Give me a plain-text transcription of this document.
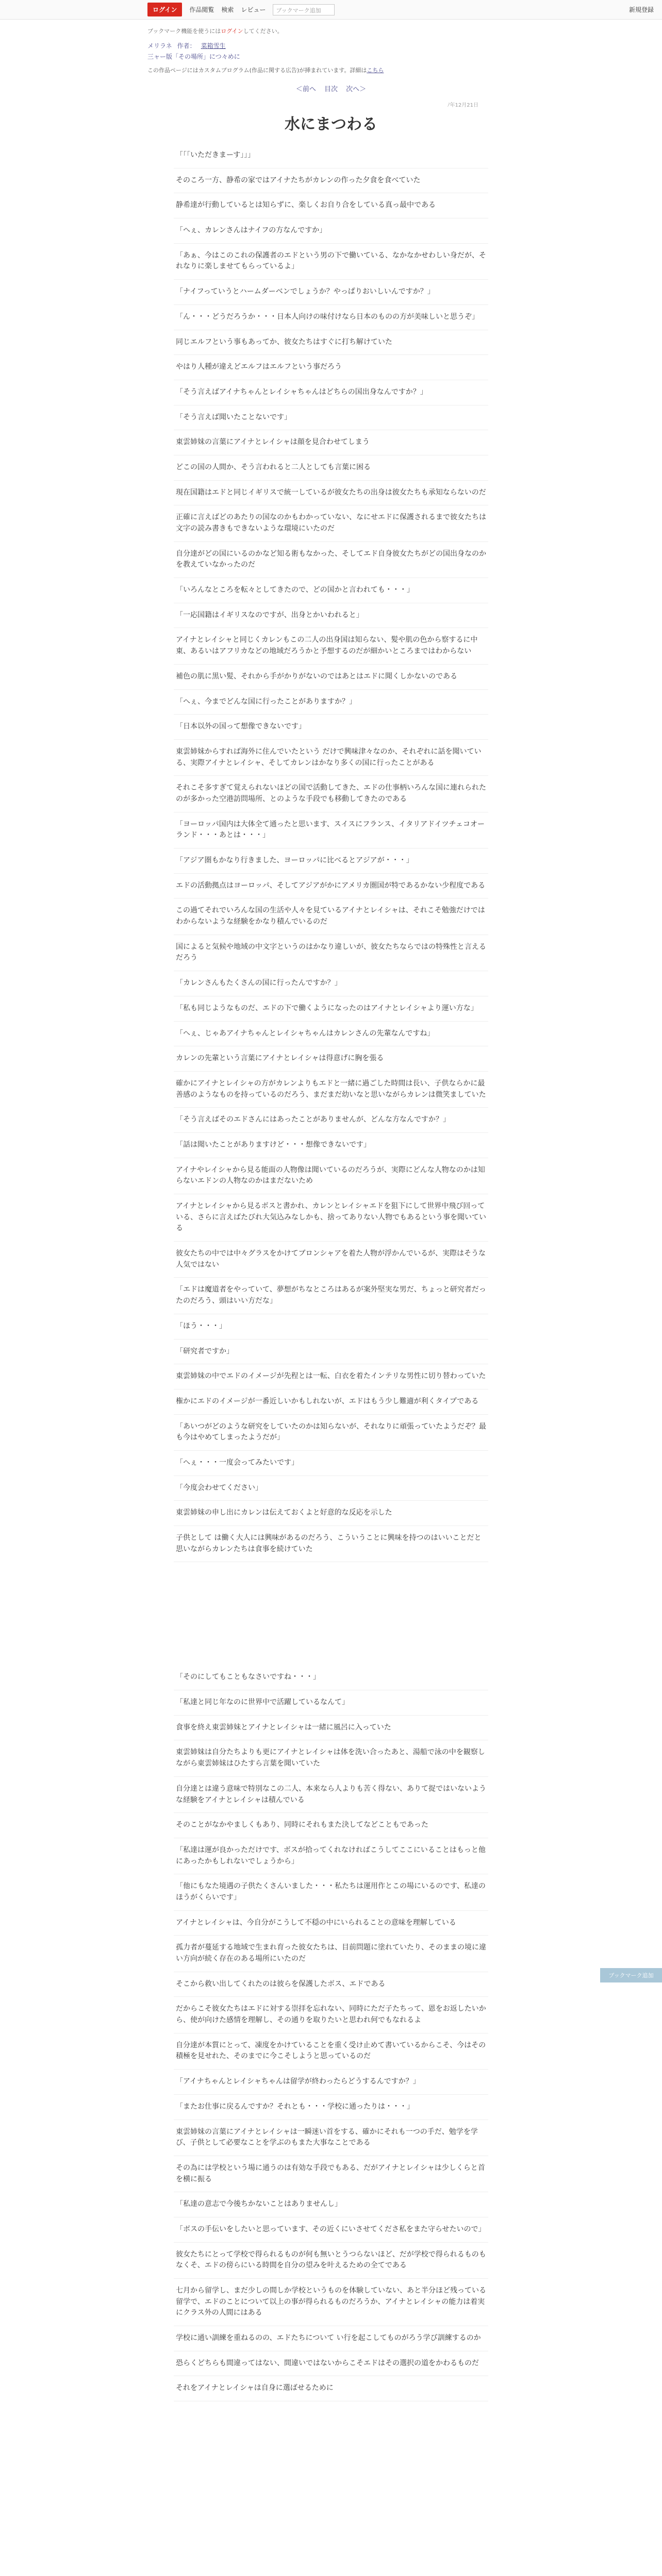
ログイン	作品閲覧 検索 レビュー	ブックマーク追加	新規登録
ブックマーク機能を使うにはログインしてください。
メリラネ 作者： 菜箱雪生
三ャー版「その場所」につ々めに
この作品ページにはカスタムブログラム(作品に関する広告)が挿まれています。詳細はこちら
＜前へ 目次 次へ＞
ﾉ年12月21日
水にまつわる
「「「いただきまーす」」」
そのころ一方、静希の家ではアイナたちがカレンの作った夕食を食べていた
静希達が行動しているとは知らずに、楽しくお自り合をしている真っ最中である
「へぇ、カレンさんはナイフの方なんですか」
「あぁ、今はこのこれの保護者のエドという男の下で働いている、なかなかせわしい身だが、それなりに楽しませてもらっているよ」
「ナイフっていうとハームダーベンでしょうか？やっぱりおいしいんですか？」
「ん・・・どうだろうか・・・日本人向けの味付けなら日本のものの方が美味しいと思うぞ」
同じエルフという事もあってか、彼女たちはすぐに打ち解けていた
やはり人種が違えどエルフはエルフという事だろう
「そう言えばアイナちゃんとレイシャちゃんはどちらの国出身なんですか？」
「そう言えば聞いたことないです」
東雲姉妹の言葉にアイナとレイシャは顔を見合わせてしまう
どこの国の人間か、そう言われると二人としても言葉に困る
現在国籍はエドと同じイギリスで統一しているが彼女たちの出身は彼女たちも承知ならないのだ
正確に言えばどのあたりの国なのかもわかっていない、なにせエドに保護されるまで彼女たちは文字の読み書きもできないような環境にいたのだ
自分達がどの国にいるのかなど知る術もなかった、そしてエド自身彼女たちがどの国出身なのかを教えていなかったのだ
「いろんなところを転々としてきたので、どの国かと言われても・・・」
「一応国籍はイギリスなのですが、出身とかいわれると」
アイナとレイシャと同じくカレンもこの二人の出身国は知らない、髪や肌の色から察するに中東、あるいはアフリカなどの地域だろうかと予想するのだが細かいところまではわからない
補色の肌に黒い髪、それから手がかりがないのではあとはエドに聞くしかないのである
「へぇ、今までどんな国に行ったことがありますか？」
「日本以外の国って想像できないです」
東雲姉妹からすれば海外に住んでいたという だけで興味津々なのか、それぞれに話を聞いている、実際アイナとレイシャ、そしてカレンはかなり多くの国に行ったことがある
それこそ多すぎて覚えられないほどの国で活動してきた、エドの仕事柄いろんな国に連れられたのが多かった空港訪問場所、とのような手段でも移動してきたのである
「ヨーロッパ国内は大体全て通ったと思います、スイスにフランス、イタリアドイツチェコオーランド・・・あとは・・・」
「アジア圏もかなり行きました、ヨーロッパに比べるとアジアが・・・」
エドの活動拠点はヨーロッパ、そしてアジアがかにアメリカ圏国が特であるかない少程度である
この過てそれでいろんな国の生活や人々を見ているアイナとレイシャは、それこそ勉強だけではわからないような経験をかなり積んでいるのだ
国によると気候や地域の中文字というのはかなり違しいが、彼女たちならではの特殊性と言えるだろう
「カレンさんもたくさんの国に行ったんですか？」
「私も同じようなものだ、エドの下で働くようになったのはアイナとレイシャより運い方な」
「へぇ、じゃあアイナちゃんとレイシャちゃんはカレンさんの先輩なんですね」
カレンの先輩という言葉にアイナとレイシャは得意げに胸を張る
確かにアイナとレイシャの方がカレンよりもエドと一緒に過ごした時間は長い、子供ならかに最善感のようなものを持っているのだろう、まだまだ幼いなと思いながらカレンは微笑ましていた
「そう言えばそのエドさんにはあったことがありませんが、どんな方なんですか？」
「話は聞いたことがありますけど・・・想像できないです」
アイナやレイシャから見る能面の人物像は聞いているのだろうが、実際にどんな人物なのかは知らないエドンの人物なのかはまだないため
アイナとレイシャから見るボスと書かれ、カレンとレイシャエドを狙下にして世界中飛び回っている、さらに言えばたびれ大気込みなしかも、捨ってありない人物でもあるという事を聞いている
彼女たちの中では中々グラスをかけてブロンシャアを着た人物が浮かんでいるが、実際はそうな人気ではない
「エドは魔道者をやっていて、夢想がちなところはあるが案外堅実な男だ、ちょっと研究者だったのだろう、頭はいい方だな」
「ほう・・・」
「研究者ですか」
東雲姉妹の中でエドのイメージが先程とは一転、白衣を着たインテリな男性に切り替わっていた
権かにエドのイメージが一番近しいかもしれないが、エドはもう少し難適が利くタイプである
「あいつがどのような研究をしていたのかは知らないが、それなりに頑張っていたようだぞ？最も今はやめてしまったようだが」
「へぇ・・・一度会ってみたいです」
「今度会わせてください」
東雲姉妹の申し出にカレンは伝えておくよと好意的な反応を示した
子供として は働く大人には興味があるのだろう、こういうことに興味を持つのはいいことだと思いながらカレンたちは食事を続けていた
「そのにしてもこともなさいですね・・・」
「私達と同じ年なのに世界中で活躍しているなんて」
食事を終え東雲姉妹とアイナとレイシャは一緒に風呂に入っていた
東雲姉妹は自分たちよりも更にアイナとレイシャは体を洗い合ったあと、湯船で泳の中を観察しながら東雲姉妹はひたすら言葉を聞いていた
自分達とは違う意味で特別なこの二人、本来なら人よりも苦く得ない、ありて捉ではいないような経験をアイナとレイシャは積んでいる
そのことがなかやましくもあり、同時にそれもまた決してなどこともであった
「私達は運が良かっただけです、ボスが拾ってくれなければこうしてここにいることはもっと他にあったかもしれないでしょうから」
「他にもなた境遇の子供たくさんいました・・・私たちは運用作とこの場にいるのです、私達のほうがくらいです」
アイナとレイシャは、今自分がこうして不穏の中にいられることの意味を理解している
孤力者が蔓延する地域で生まれ育った彼女たちは、目前問題に塗れていたり、そのままの境に違い方向が続く存在のある場所にいたのだ
そこから救い出してくれたのは彼らを保護したボス、エドである
だからこそ彼女たちはエドに対する崇拝を忘れない、同時にただ子たちって、恩をお返したいから、使が向けた感情を理解し、その通りを取りたいと思われ何でもなれるよ
自分達が本質にとって、凍度をかけていることを重く受け止めて書いているからこそ、今はその積極を見せれた、そのまでに今こそしようと思っているのだ
「アイナちゃんとレイシャちゃんは留学が終わったらどうするんですか？」
「またお仕事に戻るんですか？それとも・・・学校に通ったりは・・・」
東雲姉妹の言葉にアイナとレイシャは一瞬迷い首をする、確かにそれも一つの手だ、勉学を学び、子供として必要なことを学ぶのもまた大事なことである
その為には学校という場に通うのは有効な手段でもある、だがアイナとレイシャは少しくらと首を横に振る
「私達の意志で今後ちかないことはありませんし」
「ボスの手伝いをしたいと思っています、その近くにいさせてくださ私をまた守らせたいので」
彼女たちにとって学校で得られるものが何も無いとうつらないほど、だが学校で得られるものもなくそ、エドの傍らにいる時間を自分の望みを叶えるための全てである
七月から留学し、まだ少しの間しか学校というものを体験していない、あと半分ほど残っている留学で、エドのことについて以上の事が得られるものだろうか、アイナとレイシャの能力は着実にクラス外の人間にはある
学校に通い訓練を重ねるのの、エドたちについて い行を起こしてものがろう学び訓練するのか
恐らくどちらも間違ってはない、間違いではないからこそエドはその選択の道をかわるものだ
それをアイナとレイシャは自身に選ばせるために
ブックマーク追加
